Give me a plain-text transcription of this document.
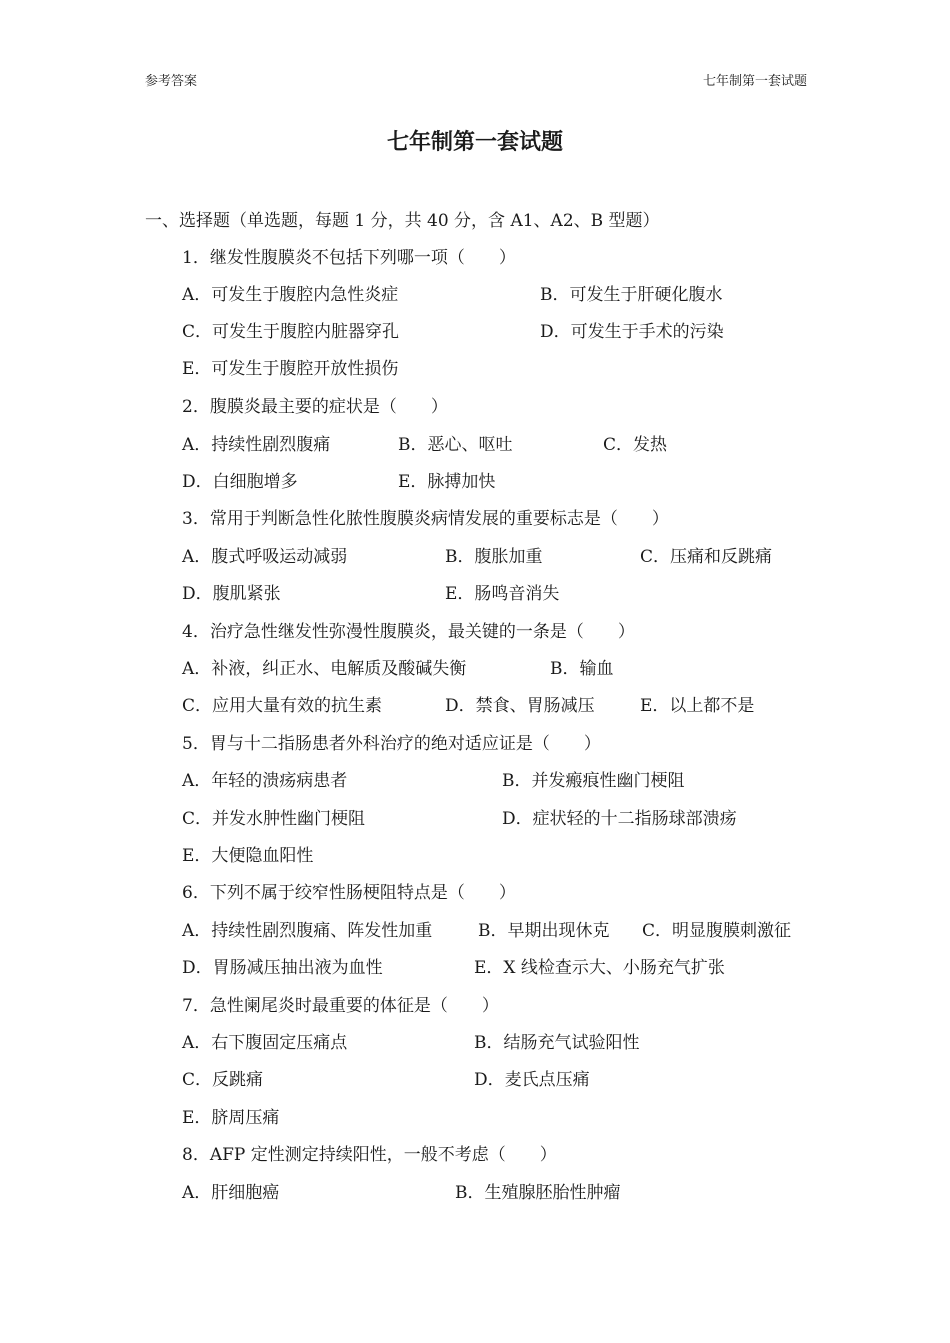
参考答案	七年制第一套试题
七年制第一套试题
一、选择题（单选题，每题 1 分，共 40 分，含 A1、A2、B 型题）
1．继发性腹膜炎不包括下列哪一项（　　）
A．可发生于腹腔内急性炎症	B．可发生于肝硬化腹水
C．可发生于腹腔内脏器穿孔	D．可发生于手术的污染
E．可发生于腹腔开放性损伤
2．腹膜炎最主要的症状是（　　）
A．持续性剧烈腹痛	B．恶心、呕吐	C．发热
D．白细胞增多	E．脉搏加快
3．常用于判断急性化脓性腹膜炎病情发展的重要标志是（　　）
A．腹式呼吸运动减弱	B．腹胀加重	C．压痛和反跳痛
D．腹肌紧张	E．肠鸣音消失
4．治疗急性继发性弥漫性腹膜炎，最关键的一条是（　　）
A．补液，纠正水、电解质及酸碱失衡	B．输血
C．应用大量有效的抗生素	D．禁食、胃肠减压	E．以上都不是
5．胃与十二指肠患者外科治疗的绝对适应证是（　　）
A．年轻的溃疡病患者	B．并发瘢痕性幽门梗阻
C．并发水肿性幽门梗阻	D．症状轻的十二指肠球部溃疡
E．大便隐血阳性
6．下列不属于绞窄性肠梗阻特点是（　　）
A．持续性剧烈腹痛、阵发性加重	B．早期出现休克 C．明显腹膜刺激征
D．胃肠减压抽出液为血性	E．X 线检查示大、小肠充气扩张
7．急性阑尾炎时最重要的体征是（　　）
A．右下腹固定压痛点	B．结肠充气试验阳性
C．反跳痛	D．麦氏点压痛
E．脐周压痛
8．AFP 定性测定持续阳性，一般不考虑（　　）
A．肝细胞癌	B．生殖腺胚胎性肿瘤
